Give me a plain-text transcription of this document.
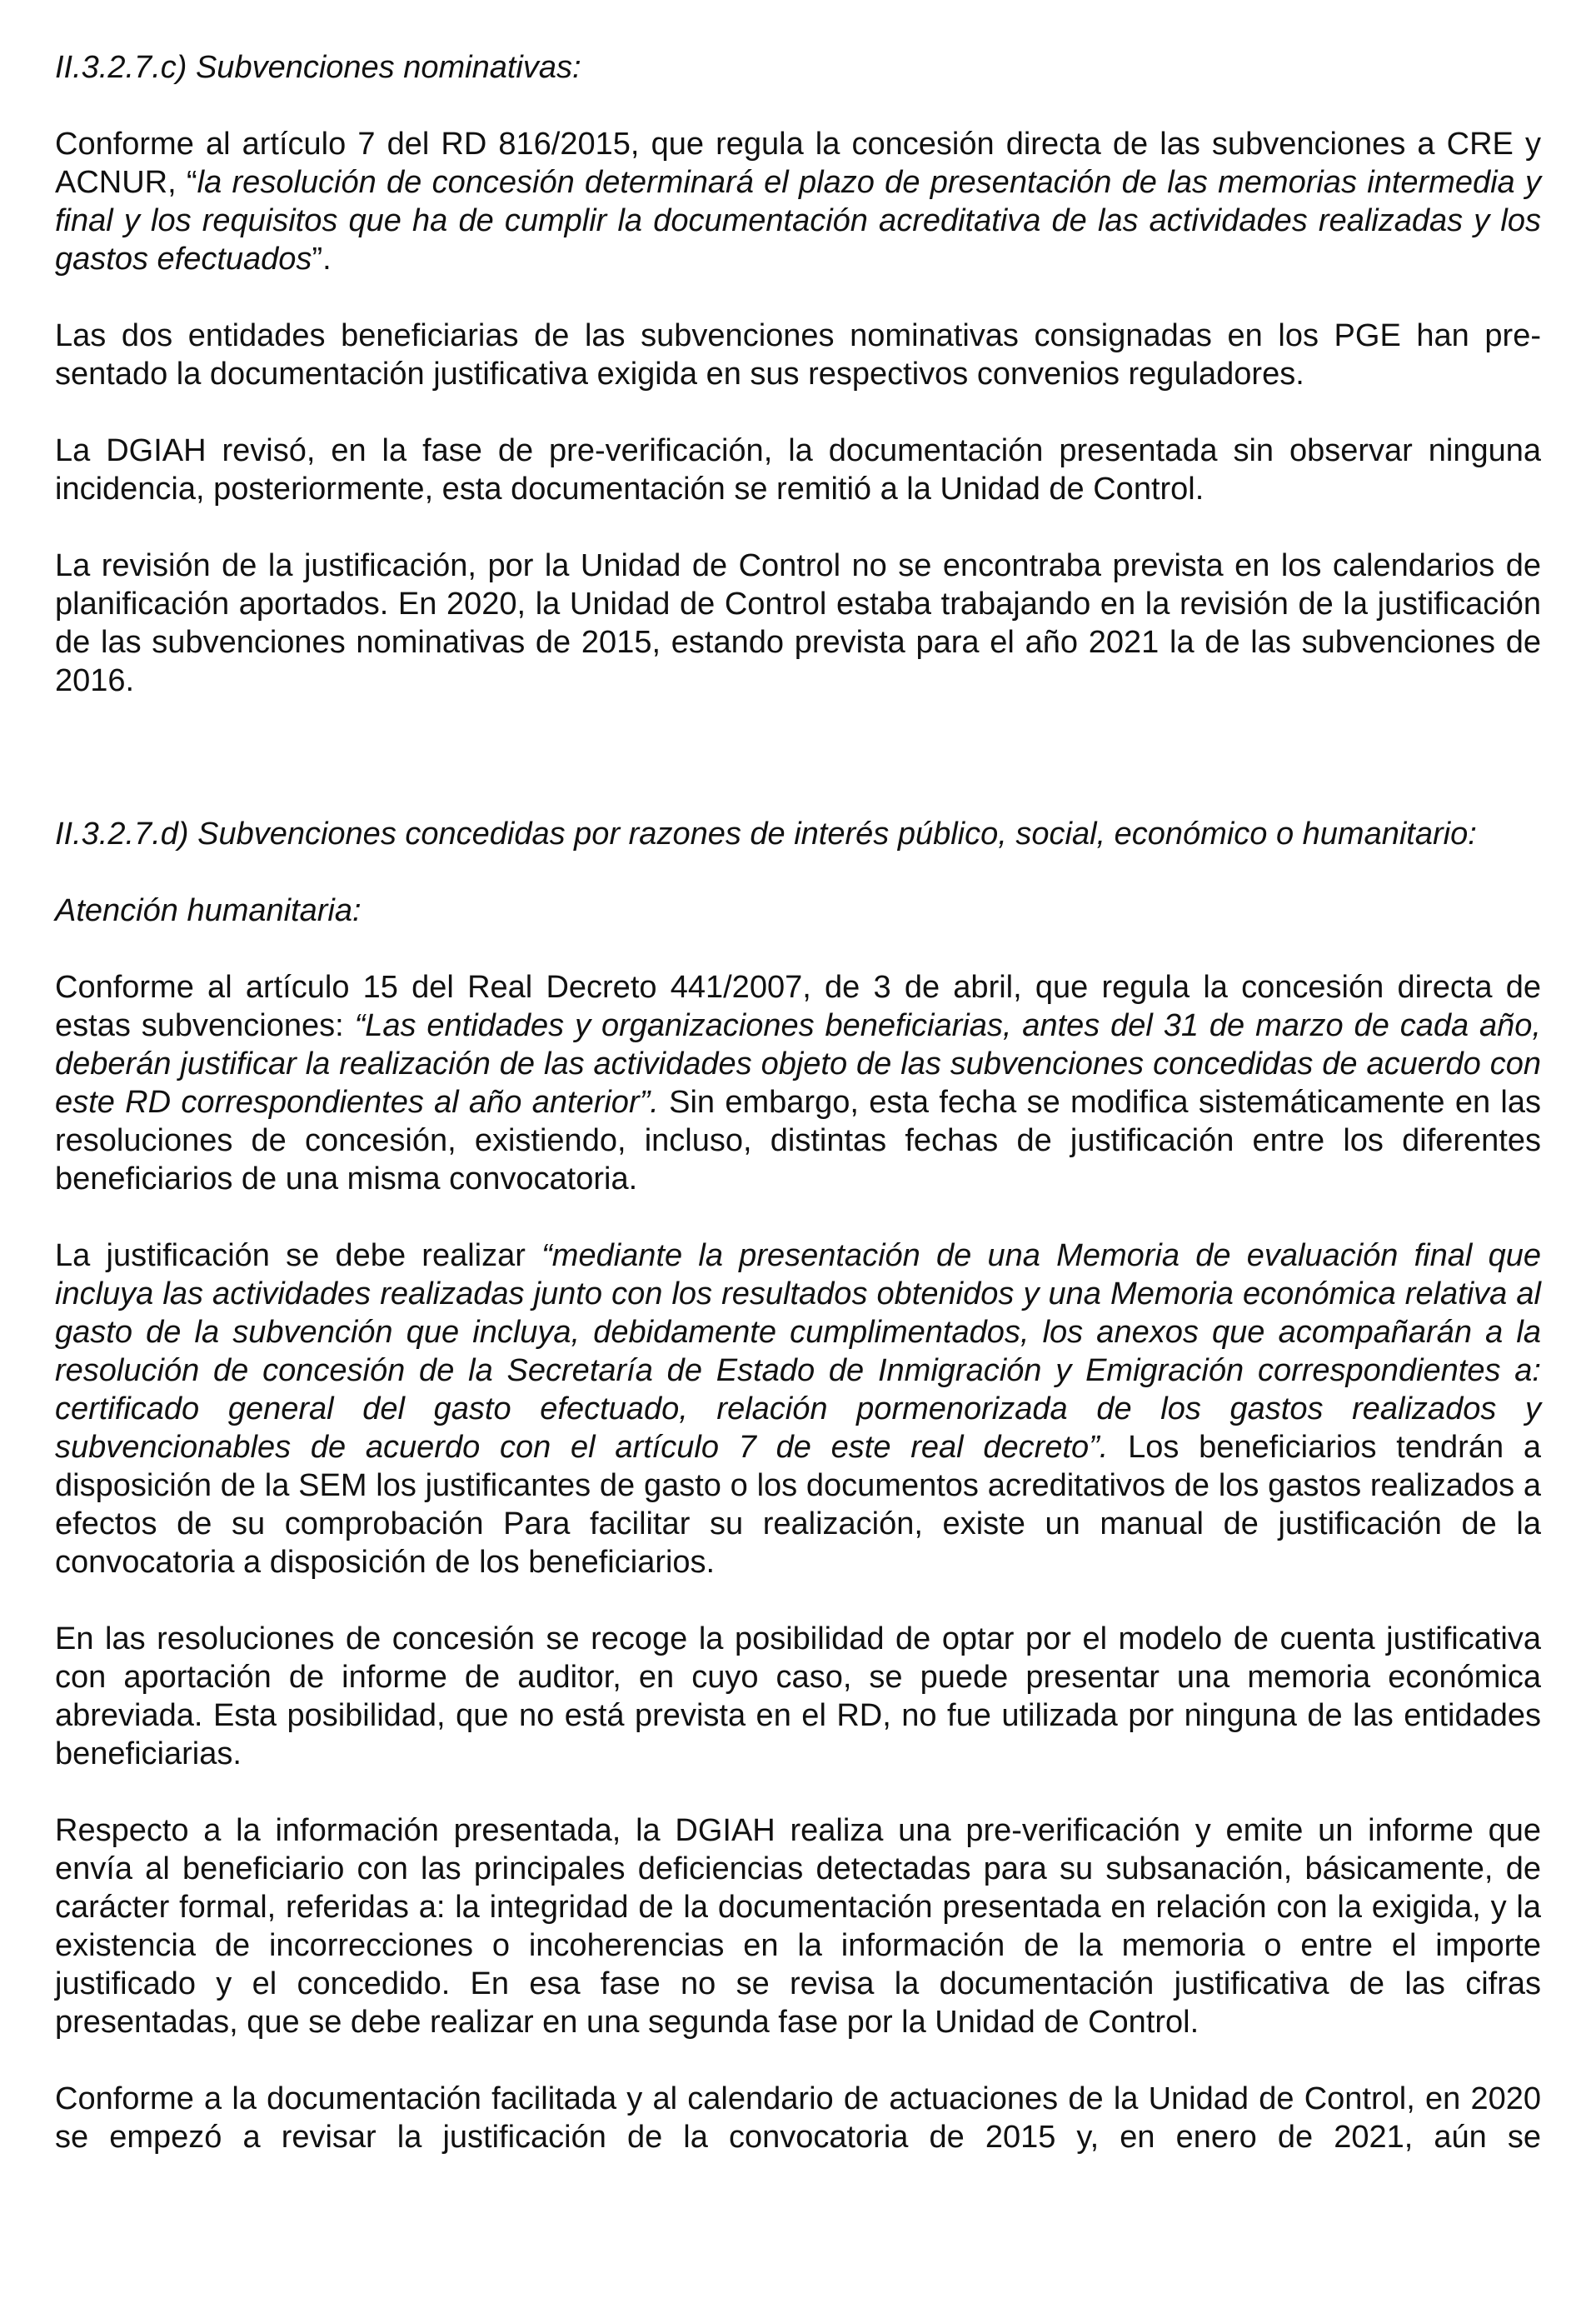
II.3.2.7.c) Subvenciones nominativas:

Conforme al artículo 7 del RD 816/2015, que regula la concesión directa de las subvenciones a CRE y ACNUR, “la resolución de concesión determinará el plazo de presentación de las memorias intermedia y final y los requisitos que ha de cumplir la documentación acreditativa de las actividades realizadas y los gastos efectuados”.

Las dos entidades beneficiarias de las subvenciones nominativas consignadas en los PGE han presentado la documentación justificativa exigida en sus respectivos convenios reguladores.

La DGIAH revisó, en la fase de pre-verificación, la documentación presentada sin observar ninguna incidencia, posteriormente, esta documentación se remitió a la Unidad de Control.

La revisión de la justificación, por la Unidad de Control no se encontraba prevista en los calendarios de planificación aportados. En 2020, la Unidad de Control estaba trabajando en la revisión de la justificación de las subvenciones nominativas de 2015, estando prevista para el año 2021 la de las subvenciones de 2016.

II.3.2.7.d) Subvenciones concedidas por razones de interés público, social, económico o humanitario:

Atención humanitaria:

Conforme al artículo 15 del Real Decreto 441/2007, de 3 de abril, que regula la concesión directa de estas subvenciones: “Las entidades y organizaciones beneficiarias, antes del 31 de marzo de cada año, deberán justificar la realización de las actividades objeto de las subvenciones concedidas de acuerdo con este RD correspondientes al año anterior”. Sin embargo, esta fecha se modifica sistemáticamente en las resoluciones de concesión, existiendo, incluso, distintas fechas de justificación entre los diferentes beneficiarios de una misma convocatoria.

La justificación se debe realizar “mediante la presentación de una Memoria de evaluación final que incluya las actividades realizadas junto con los resultados obtenidos y una Memoria económica relativa al gasto de la subvención que incluya, debidamente cumplimentados, los anexos que acompañarán a la resolución de concesión de la Secretaría de Estado de Inmigración y Emigración correspondientes a: certificado general del gasto efectuado, relación pormenorizada de los gastos realizados y subvencionables de acuerdo con el artículo 7 de este real decreto”. Los beneficiarios tendrán a disposición de la SEM los justificantes de gasto o los documentos acreditativos de los gastos realizados a efectos de su comprobación Para facilitar su realización, existe un manual de justificación de la convocatoria a disposición de los beneficiarios.

En las resoluciones de concesión se recoge la posibilidad de optar por el modelo de cuenta justificativa con aportación de informe de auditor, en cuyo caso, se puede presentar una memoria económica abreviada. Esta posibilidad, que no está prevista en el RD, no fue utilizada por ninguna de las entidades beneficiarias.

Respecto a la información presentada, la DGIAH realiza una pre-verificación y emite un informe que envía al beneficiario con las principales deficiencias detectadas para su subsanación, básicamente, de carácter formal, referidas a: la integridad de la documentación presentada en relación con la exigida, y la existencia de incorrecciones o incoherencias en la información de la memoria o entre el importe justificado y el concedido. En esa fase no se revisa la documentación justificativa de las cifras presentadas, que se debe realizar en una segunda fase por la Unidad de Control.

Conforme a la documentación facilitada y al calendario de actuaciones de la Unidad de Control, en 2020 se empezó a revisar la justificación de la convocatoria de 2015 y, en enero de 2021, aún se
